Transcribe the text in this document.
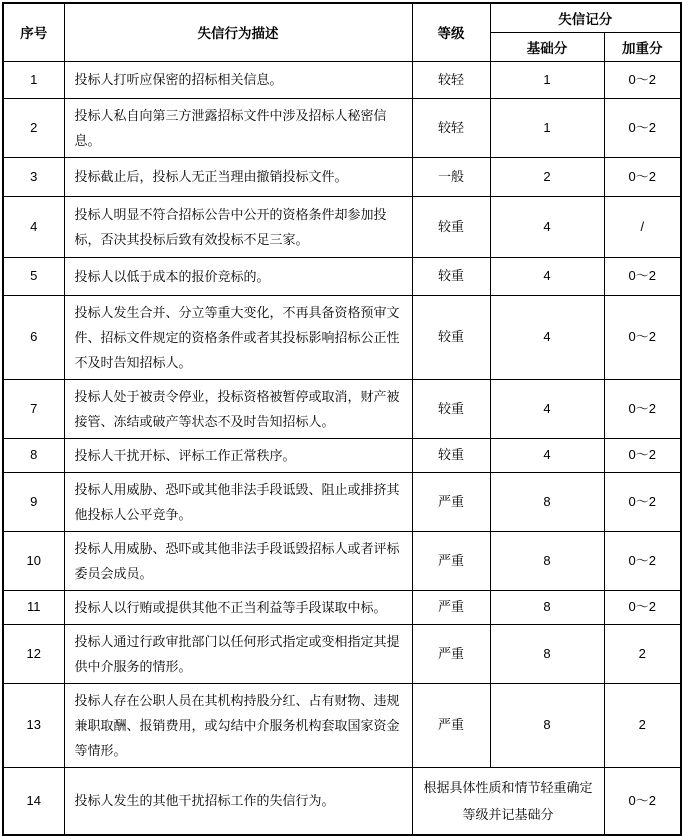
序号	失信行为描述	等级	失信记分	
			基础分	加重分
1	投标人打听应保密的招标相关信息。	较轻	1	0～2
2	投标人私自向第三方泄露招标文件中涉及招标人秘密信息。	较轻	1	0～2
3	投标截止后，投标人无正当理由撤销投标文件。	一般	2	0～2
4	投标人明显不符合招标公告中公开的资格条件却参加投标，否决其投标后致有效投标不足三家。	较重	4	/
5	投标人以低于成本的报价竞标的。	较重	4	0～2
6	投标人发生合并、分立等重大变化，不再具备资格预审文件、招标文件规定的资格条件或者其投标影响招标公正性不及时告知招标人。	较重	4	0～2
7	投标人处于被责令停业，投标资格被暂停或取消，财产被接管、冻结或破产等状态不及时告知招标人。	较重	4	0～2
8	投标人干扰开标、评标工作正常秩序。	较重	4	0～2
9	投标人用威胁、恐吓或其他非法手段诋毁、阻止或排挤其他投标人公平竞争。	严重	8	0～2
10	投标人用威胁、恐吓或其他非法手段诋毁招标人或者评标委员会成员。	严重	8	0～2
11	投标人以行贿或提供其他不正当利益等手段谋取中标。	严重	8	0～2
12	投标人通过行政审批部门以任何形式指定或变相指定其提供中介服务的情形。	严重	8	2
13	投标人存在公职人员在其机构持股分红、占有财物、违规兼职取酬、报销费用，或勾结中介服务机构套取国家资金等情形。	严重	8	2
14	投标人发生的其他干扰招标工作的失信行为。	根据具体性质和情节轻重确定等级并记基础分		0～2
